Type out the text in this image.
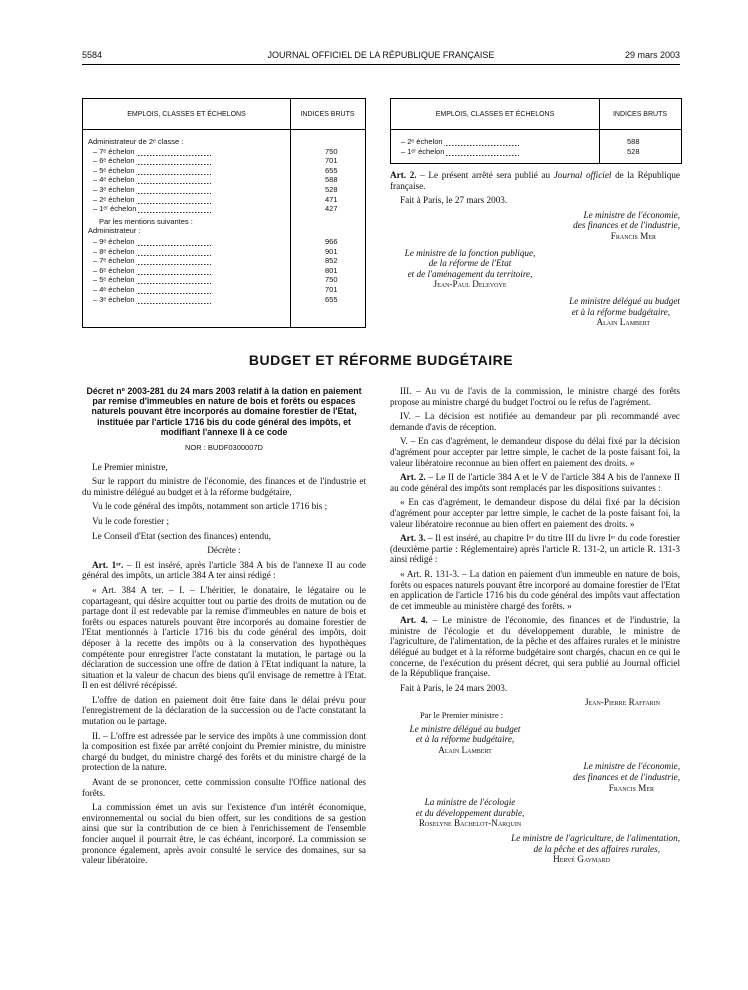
5584	JOURNAL OFFICIEL DE LA RÉPUBLIQUE FRANÇAISE	29 mars 2003
EMPLOIS, CLASSES ET ÉCHELONS	INDICES BRUTS
Administrateur de 2ᵉ classe :
– 7ᵉ échelon	750
– 6ᵉ échelon	701
– 5ᵉ échelon	655
– 4ᵉ échelon	588
– 3ᵉ échelon	528
– 2ᵉ échelon	471
– 1ᵉʳ échelon	427
Par les mentions suivantes :
Administrateur :
– 9ᵉ échelon	966
– 8ᵉ échelon	901
– 7ᵉ échelon	852
– 6ᵉ échelon	801
– 5ᵉ échelon	750
– 4ᵉ échelon	701
– 3ᵉ échelon	655
EMPLOIS, CLASSES ET ÉCHELONS	INDICES BRUTS
– 2ᵉ échelon	588
– 1ᵉʳ échelon	528

Art. 2. – Le présent arrêté sera publié au Journal officiel de la République française.

Fait à Paris, le 27 mars 2003.

Le ministre de l'économie,
des finances et de l'industrie,
Francis Mer
Le ministre de la fonction publique,
de la réforme de l'Etat
et de l'aménagement du territoire,
Jean-Paul Delevoye
Le ministre délégué au budget
et à la réforme budgétaire,
Alain Lambert
BUDGET ET RÉFORME BUDGÉTAIRE
Décret nº 2003-281 du 24 mars 2003 relatif à la dation en paiement par remise d'immeubles en nature de bois et forêts ou espaces naturels pouvant être incorporés au domaine forestier de l'Etat, instituée par l'article 1716 bis du code général des impôts, et modifiant l'annexe II à ce code
NOR : BUDF0300007D

Le Premier ministre,

Sur le rapport du ministre de l'économie, des finances et de l'industrie et du ministre délégué au budget et à la réforme budgétaire,

Vu le code général des impôts, notamment son article 1716 bis ;

Vu le code forestier ;

Le Conseil d'Etat (section des finances) entendu,

Décrète :

Art. 1ᵉʳ. – Il est inséré, après l'article 384 A bis de l'annexe II au code général des impôts, un article 384 A ter ainsi rédigé :

« Art. 384 A ter. – I. – L'héritier, le donataire, le légataire ou le copartageant, qui désire acquitter tout ou partie des droits de mutation ou de partage dont il est redevable par la remise d'immeubles en nature de bois et forêts ou espaces naturels pouvant être incorporés au domaine forestier de l'Etat mentionnés à l'article 1716 bis du code général des impôts, doit déposer à la recette des impôts ou à la conservation des hypothèques compétente pour enregistrer l'acte constatant la mutation, le partage ou la déclaration de succession une offre de dation à l'Etat indiquant la nature, la situation et la valeur de chacun des biens qu'il envisage de remettre à l'Etat. Il en est délivré récépissé.

L'offre de dation en paiement doit être faite dans le délai prévu pour l'enregistrement de la déclaration de la succession ou de l'acte constatant la mutation ou le partage.

II. – L'offre est adressée par le service des impôts à une commission dont la composition est fixée par arrêté conjoint du Premier ministre, du ministre chargé du budget, du ministre chargé des forêts et du ministre chargé de la protection de la nature.

Avant de se prononcer, cette commission consulte l'Office national des forêts.

La commission émet un avis sur l'existence d'un intérêt économique, environnemental ou social du bien offert, sur les conditions de sa gestion ainsi que sur la contribution de ce bien à l'enrichissement de l'ensemble foncier auquel il pourrait être, le cas échéant, incorporé. La commission se prononce également, après avoir consulté le service des domaines, sur sa valeur libératoire.

III. – Au vu de l'avis de la commission, le ministre chargé des forêts propose au ministre chargé du budget l'octroi ou le refus de l'agrément.

IV. – La décision est notifiée au demandeur par pli recommandé avec demande d'avis de réception.

V. – En cas d'agrément, le demandeur dispose du délai fixé par la décision d'agrément pour accepter par lettre simple, le cachet de la poste faisant foi, la valeur libératoire reconnue au bien offert en paiement des droits. »

Art. 2. – Le II de l'article 384 A et le V de l'article 384 A bis de l'annexe II au code général des impôts sont remplacés par les dispositions suivantes :

« En cas d'agrément, le demandeur dispose du délai fixé par la décision d'agrément pour accepter par lettre simple, le cachet de la poste faisant foi, la valeur libératoire reconnue au bien offert en paiement des droits. »

Art. 3. – Il est inséré, au chapitre Iᵉʳ du titre III du livre Iᵉʳ du code forestier (deuxième partie : Réglementaire) après l'article R. 131-2, un article R. 131-3 ainsi rédigé :

« Art. R. 131-3. – La dation en paiement d'un immeuble en nature de bois, forêts ou espaces naturels pouvant être incorporé au domaine forestier de l'Etat en application de l'article 1716 bis du code général des impôts vaut affectation de cet immeuble au ministère chargé des forêts. »

Art. 4. – Le ministre de l'économie, des finances et de l'industrie, la ministre de l'écologie et du développement durable, le ministre de l'agriculture, de l'alimentation, de la pêche et des affaires rurales et le ministre délégué au budget et à la réforme budgétaire sont chargés, chacun en ce qui le concerne, de l'exécution du présent décret, qui sera publié au Journal officiel de la République française.

Fait à Paris, le 24 mars 2003.

Jean-Pierre Raffarin
Par le Premier ministre :
Le ministre délégué au budget
et à la réforme budgétaire,
Alain Lambert
Le ministre de l'économie,
des finances et de l'industrie,
Francis Mer
La ministre de l'écologie
et du développement durable,
Roselyne Bachelot-Narquin
Le ministre de l'agriculture, de l'alimentation,
de la pêche et des affaires rurales,
Hervé Gaymard
